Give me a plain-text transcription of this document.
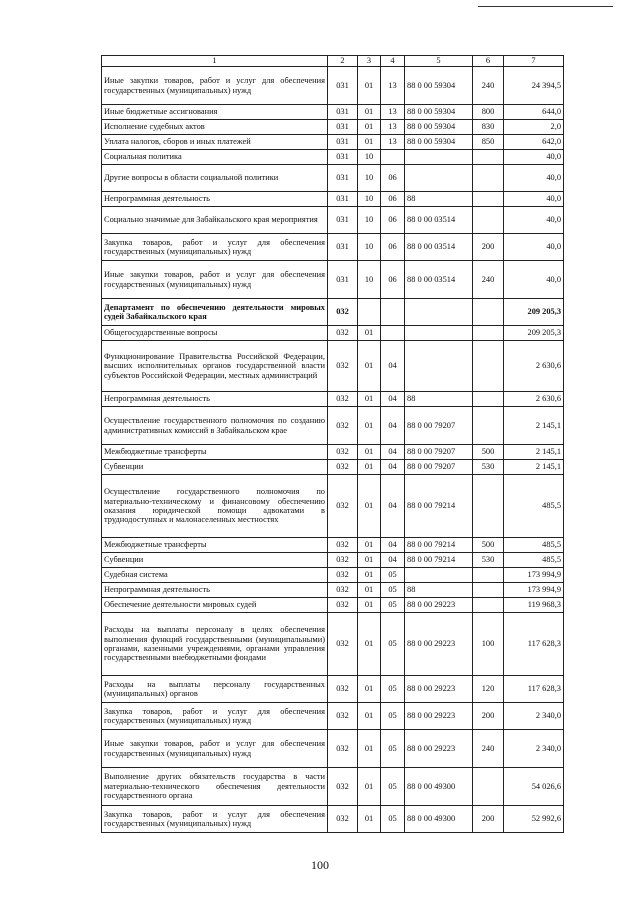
1	2	3	4	5	6	7
Иные закупки товаров, работ и услуг для обеспечения государственных (муниципальных) нужд	031	01	13	88 0 00 59304	240	24 394,5
Иные бюджетные ассигнования	031	01	13	88 0 00 59304	800	644,0
Исполнение судебных актов	031	01	13	88 0 00 59304	830	2,0
Уплата налогов, сборов и иных платежей	031	01	13	88 0 00 59304	850	642,0
Социальная политика	031	10				40,0
Другие вопросы в области социальной политики	031	10	06			40,0
Непрограммная деятельность	031	10	06	88		40,0
Социально значимые для Забайкальского края мероприятия	031	10	06	88 0 00 03514		40,0
Закупка товаров, работ и услуг для обеспечения государственных (муниципальных) нужд	031	10	06	88 0 00 03514	200	40,0
Иные закупки товаров, работ и услуг для обеспечения государственных (муниципальных) нужд	031	10	06	88 0 00 03514	240	40,0
Департамент по обеспечению деятельности мировых судей Забайкальского края	032					209 205,3
Общегосударственные вопросы	032	01				209 205,3
Функционирование Правительства Российской Федерации, высших исполнительных органов государственной власти субъектов Российской Федерации, местных администраций	032	01	04			2 630,6
Непрограммная деятельность	032	01	04	88		2 630,6
Осуществление государственного полномочия по созданию административных комиссий в Забайкальском крае	032	01	04	88 0 00 79207		2 145,1
Межбюджетные трансферты	032	01	04	88 0 00 79207	500	2 145,1
Субвенции	032	01	04	88 0 00 79207	530	2 145,1
Осуществление государственного полномочия по материально-техническому и финансовому обеспечению оказания юридической помощи адвокатами в труднодоступных и малонаселенных местностях	032	01	04	88 0 00 79214		485,5
Межбюджетные трансферты	032	01	04	88 0 00 79214	500	485,5
Субвенции	032	01	04	88 0 00 79214	530	485,5
Судебная система	032	01	05			173 994,9
Непрограммная деятельность	032	01	05	88		173 994,9
Обеспечение деятельности мировых судей	032	01	05	88 0 00 29223		119 968,3
Расходы на выплаты персоналу в целях обеспечения выполнения функций государственными (муниципальными) органами, казенными учреждениями, органами управления государственными внебюджетными фондами	032	01	05	88 0 00 29223	100	117 628,3
Расходы на выплаты персоналу государственных (муниципальных) органов	032	01	05	88 0 00 29223	120	117 628,3
Закупка товаров, работ и услуг для обеспечения государственных (муниципальных) нужд	032	01	05	88 0 00 29223	200	2 340,0
Иные закупки товаров, работ и услуг для обеспечения государственных (муниципальных) нужд	032	01	05	88 0 00 29223	240	2 340,0
Выполнение других обязательств государства в части материально-технического обеспечения деятельности государственного органа	032	01	05	88 0 00 49300		54 026,6
Закупка товаров, работ и услуг для обеспечения государственных (муниципальных) нужд	032	01	05	88 0 00 49300	200	52 992,6
100
